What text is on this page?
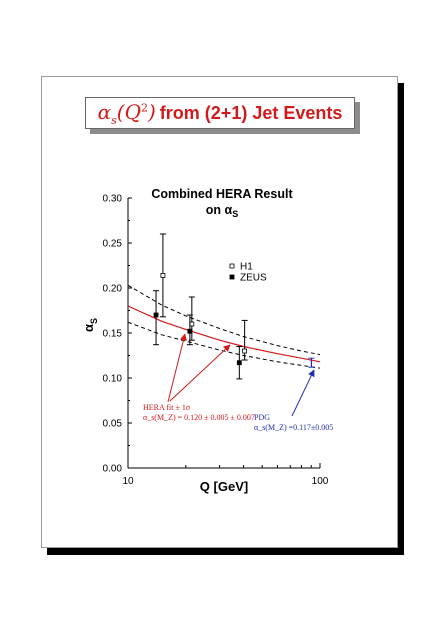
$\alpha_s(Q^2)$ from (2+1) Jet Events
Combined HERA Result
on $\alpha_S$
0.00
0.05
0.10
0.15
0.20
0.25
0.30
10	100
H1
ZEUS
Q [GeV]
$\alpha_S$
HERA fit ± 1σ
α_s(M_Z) = 0.120 ± 0.005 ± 0.007 PDG
α_s(M_Z) =0.117±0.005
